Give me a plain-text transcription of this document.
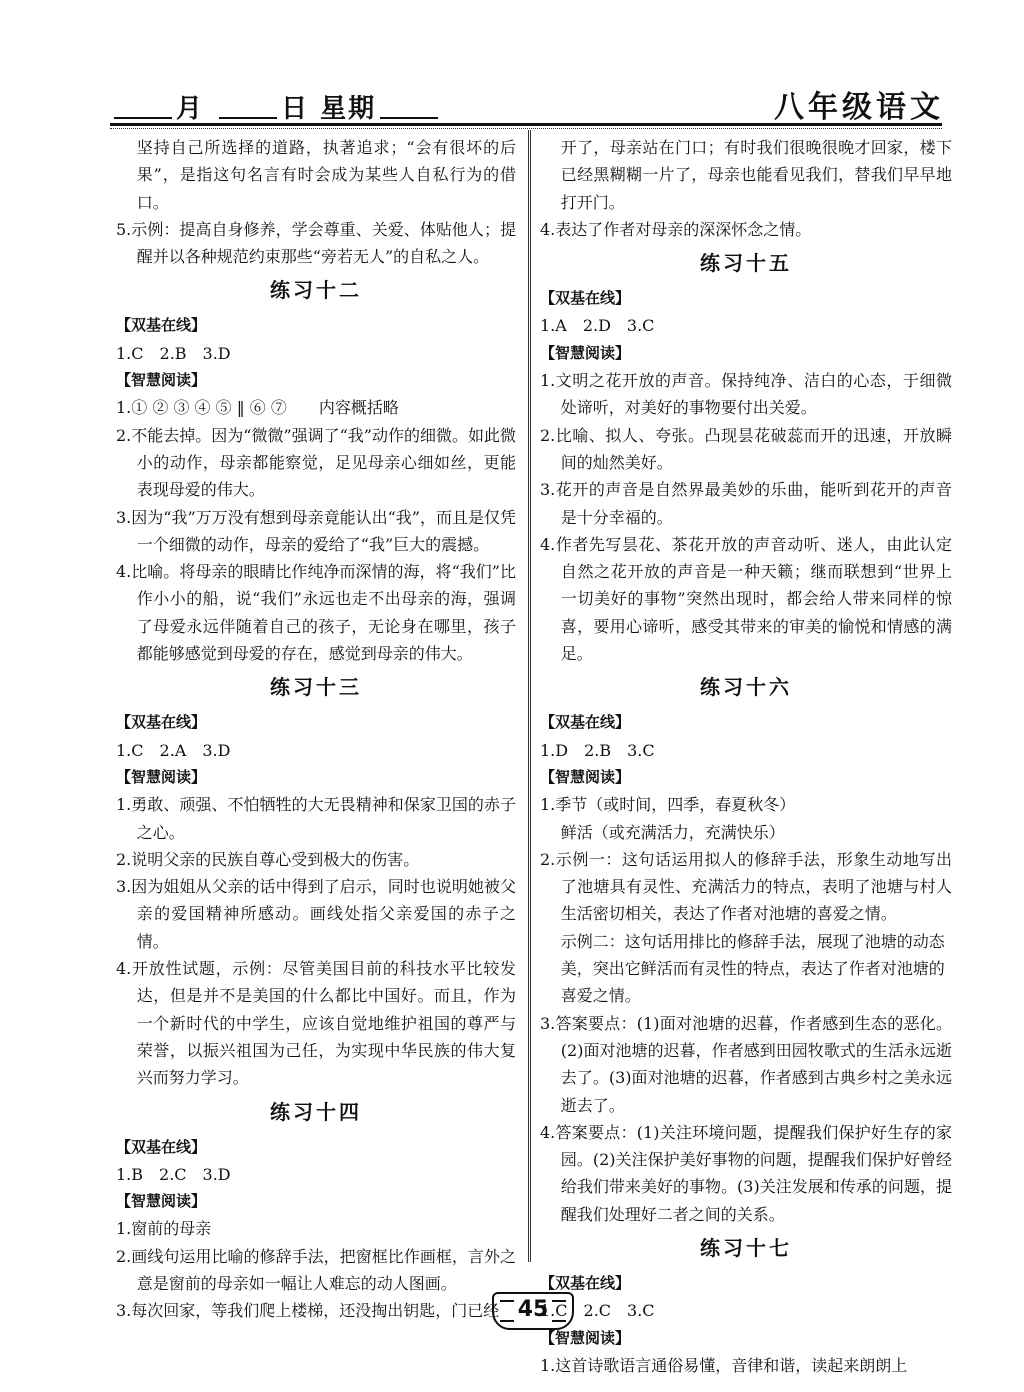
月	日 星期	八年级语文

坚持自己所选择的道路，执著追求；“会有很坏的后果”，是指这句名言有时会成为某些人自私行为的借口。

5.示例：提高自身修养，学会尊重、关爱、体贴他人；提醒并以各种规范约束那些“旁若无人”的自私之人。

练习十二

【双基在线】

1.C　2.B　3.D

【智慧阅读】

1.① ② ③ ④ ⑤ ‖ ⑥ ⑦　　内容概括略

2.不能去掉。因为“微微”强调了“我”动作的细微。如此微小的动作，母亲都能察觉，足见母亲心细如丝，更能表现母爱的伟大。

3.因为“我”万万没有想到母亲竟能认出“我”，而且是仅凭一个细微的动作，母亲的爱给了“我”巨大的震撼。

4.比喻。将母亲的眼睛比作纯净而深情的海，将“我们”比作小小的船，说“我们”永远也走不出母亲的海，强调了母爱永远伴随着自己的孩子，无论身在哪里，孩子都能够感觉到母爱的存在，感觉到母亲的伟大。

练习十三

【双基在线】

1.C　2.A　3.D

【智慧阅读】

1.勇敢、顽强、不怕牺牲的大无畏精神和保家卫国的赤子之心。

2.说明父亲的民族自尊心受到极大的伤害。

3.因为姐姐从父亲的话中得到了启示，同时也说明她被父亲的爱国精神所感动。画线处指父亲爱国的赤子之情。

4.开放性试题，示例：尽管美国目前的科技水平比较发达，但是并不是美国的什么都比中国好。而且，作为一个新时代的中学生，应该自觉地维护祖国的尊严与荣誉，以振兴祖国为己任，为实现中华民族的伟大复兴而努力学习。

练习十四

【双基在线】

1.B　2.C　3.D

【智慧阅读】

1.窗前的母亲

2.画线句运用比喻的修辞手法，把窗框比作画框，言外之意是窗前的母亲如一幅让人难忘的动人图画。

3.每次回家，等我们爬上楼梯，还没掏出钥匙，门已经

开了，母亲站在门口；有时我们很晚很晚才回家，楼下已经黑糊糊一片了，母亲也能看见我们，替我们早早地打开门。

4.表达了作者对母亲的深深怀念之情。

练习十五

【双基在线】

1.A　2.D　3.C

【智慧阅读】

1.文明之花开放的声音。保持纯净、洁白的心态，于细微处谛听，对美好的事物要付出关爱。

2.比喻、拟人、夸张。凸现昙花破蕊而开的迅速，开放瞬间的灿然美好。

3.花开的声音是自然界最美妙的乐曲，能听到花开的声音是十分幸福的。

4.作者先写昙花、茶花开放的声音动听、迷人，由此认定自然之花开放的声音是一种天籁；继而联想到“世界上一切美好的事物”突然出现时，都会给人带来同样的惊喜，要用心谛听，感受其带来的审美的愉悦和情感的满足。

练习十六

【双基在线】

1.D　2.B　3.C

【智慧阅读】

1.季节（或时间，四季，春夏秋冬）

鲜活（或充满活力，充满快乐）

2.示例一：这句话运用拟人的修辞手法，形象生动地写出了池塘具有灵性、充满活力的特点，表明了池塘与村人生活密切相关，表达了作者对池塘的喜爱之情。

示例二：这句话用排比的修辞手法，展现了池塘的动态美，突出它鲜活而有灵性的特点，表达了作者对池塘的喜爱之情。

3.答案要点：(1)面对池塘的迟暮，作者感到生态的恶化。(2)面对池塘的迟暮，作者感到田园牧歌式的生活永远逝去了。(3)面对池塘的迟暮，作者感到古典乡村之美永远逝去了。

4.答案要点：(1)关注环境问题，提醒我们保护好生存的家园。(2)关注保护美好事物的问题，提醒我们保护好曾经给我们带来美好的事物。(3)关注发展和传承的问题，提醒我们处理好二者之间的关系。

练习十七

【双基在线】

1.C　2.C　3.C

【智慧阅读】

1.这首诗歌语言通俗易懂，音律和谐，读起来朗朗上

45
